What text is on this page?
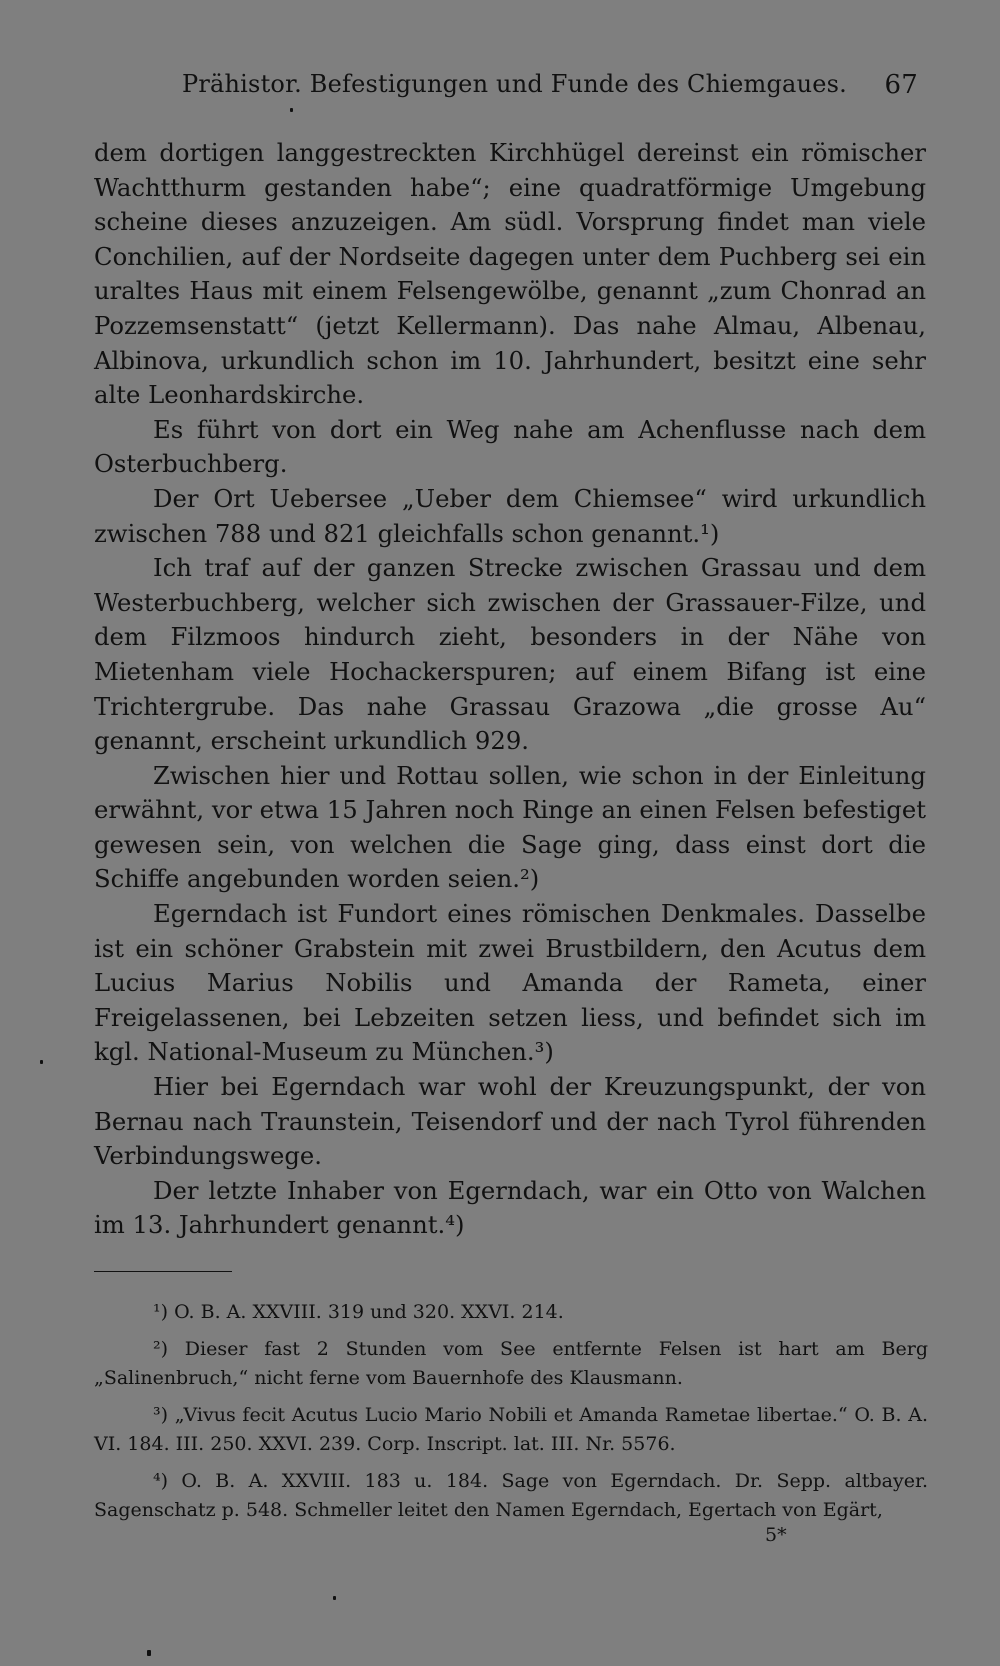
Prähistor. Befestigungen und Funde des Chiemgaues. 67

dem dortigen langgestreckten Kirchhügel dereinst ein römischer Wachtthurm gestanden habe“; eine quadratförmige Umgebung scheine dieses anzuzeigen. Am südl. Vorsprung findet man viele Conchilien, auf der Nordseite dagegen unter dem Puchberg sei ein uraltes Haus mit einem Felsengewölbe, genannt „zum Chonrad an Pozzemsenstatt“ (jetzt Kellermann). Das nahe Almau, Albenau, Albinova, urkundlich schon im 10. Jahrhundert, besitzt eine sehr alte Leonhardskirche.

Es führt von dort ein Weg nahe am Achenflusse nach dem Osterbuchberg.

Der Ort Uebersee „Ueber dem Chiemsee“ wird urkundlich zwischen 788 und 821 gleichfalls schon genannt.¹)

Ich traf auf der ganzen Strecke zwischen Grassau und dem Westerbuchberg, welcher sich zwischen der Grassauer-Filze, und dem Filzmoos hindurch zieht, besonders in der Nähe von Mietenham viele Hochackerspuren; auf einem Bifang ist eine Trichtergrube. Das nahe Grassau Grazowa „die grosse Au“ genannt, erscheint urkundlich 929.

Zwischen hier und Rottau sollen, wie schon in der Einleitung erwähnt, vor etwa 15 Jahren noch Ringe an einen Felsen befestiget gewesen sein, von welchen die Sage ging, dass einst dort die Schiffe angebunden worden seien.²)

Egerndach ist Fundort eines römischen Denkmales. Dasselbe ist ein schöner Grabstein mit zwei Brustbildern, den Acutus dem Lucius Marius Nobilis und Amanda der Rameta, einer Freigelassenen, bei Lebzeiten setzen liess, und befindet sich im kgl. National-Museum zu München.³)

Hier bei Egerndach war wohl der Kreuzungspunkt, der von Bernau nach Traunstein, Teisendorf und der nach Tyrol führenden Verbindungswege.

Der letzte Inhaber von Egerndach, war ein Otto von Walchen im 13. Jahrhundert genannt.⁴)

¹) O. B. A. XXVIII. 319 und 320. XXVI. 214.

²) Dieser fast 2 Stunden vom See entfernte Felsen ist hart am Berg „Salinenbruch,“ nicht ferne vom Bauernhofe des Klausmann.

³) „Vivus fecit Acutus Lucio Mario Nobili et Amanda Rametae libertae.“ O. B. A. VI. 184. III. 250. XXVI. 239. Corp. Inscript. lat. III. Nr. 5576.

⁴) O. B. A. XXVIII. 183 u. 184. Sage von Egerndach. Dr. Sepp. altbayer. Sagenschatz p. 548. Schmeller leitet den Namen Egerndach, Egertach von Egärt,

5*
